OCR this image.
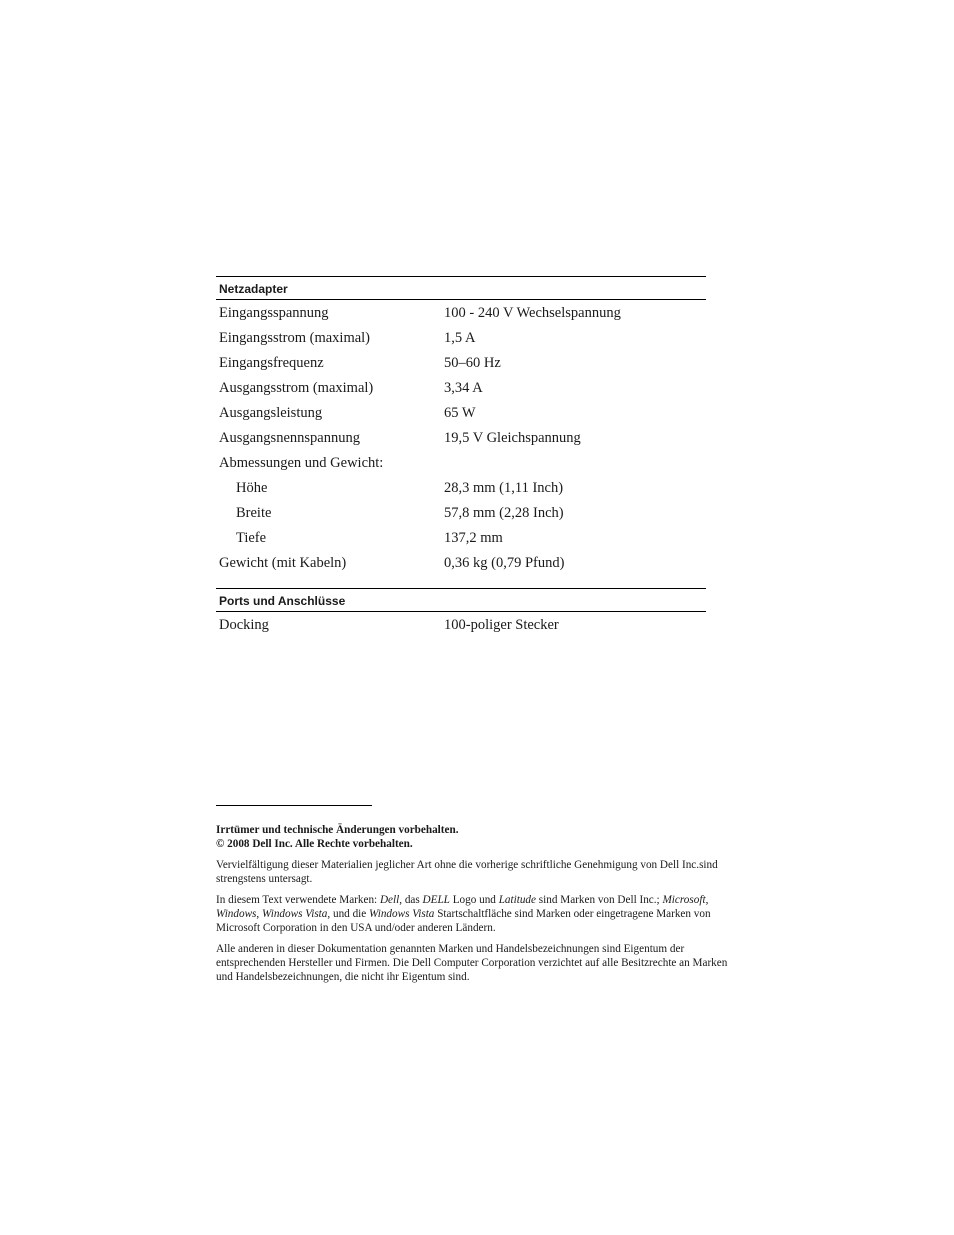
Netzadapter
Eingangsspannung	100 - 240 V Wechselspannung
Eingangsstrom (maximal)	1,5 A
Eingangsfrequenz	50–60 Hz
Ausgangsstrom (maximal)	3,34 A
Ausgangsleistung	65 W
Ausgangsnennspannung	19,5 V Gleichspannung
Abmessungen und Gewicht:
Höhe	28,3 mm (1,11 Inch)
Breite	57,8 mm (2,28 Inch)
Tiefe	137,2 mm
Gewicht (mit Kabeln)	0,36 kg (0,79 Pfund)
Ports und Anschlüsse
Docking	100-poliger Stecker

Irrtümer und technische Änderungen vorbehalten.
© 2008 Dell Inc. Alle Rechte vorbehalten.

Vervielfältigung dieser Materialien jeglicher Art ohne die vorherige schriftliche Genehmigung von Dell Inc.sind strengstens untersagt.

In diesem Text verwendete Marken: Dell, das DELL Logo und Latitude sind Marken von Dell Inc.; Microsoft, Windows, Windows Vista, und die Windows Vista Startschaltfläche sind Marken oder eingetragene Marken von Microsoft Corporation in den USA und/oder anderen Ländern.

Alle anderen in dieser Dokumentation genannten Marken und Handelsbezeichnungen sind Eigentum der entsprechenden Hersteller und Firmen. Die Dell Computer Corporation verzichtet auf alle Besitzrechte an Marken und Handelsbezeichnungen, die nicht ihr Eigentum sind.
